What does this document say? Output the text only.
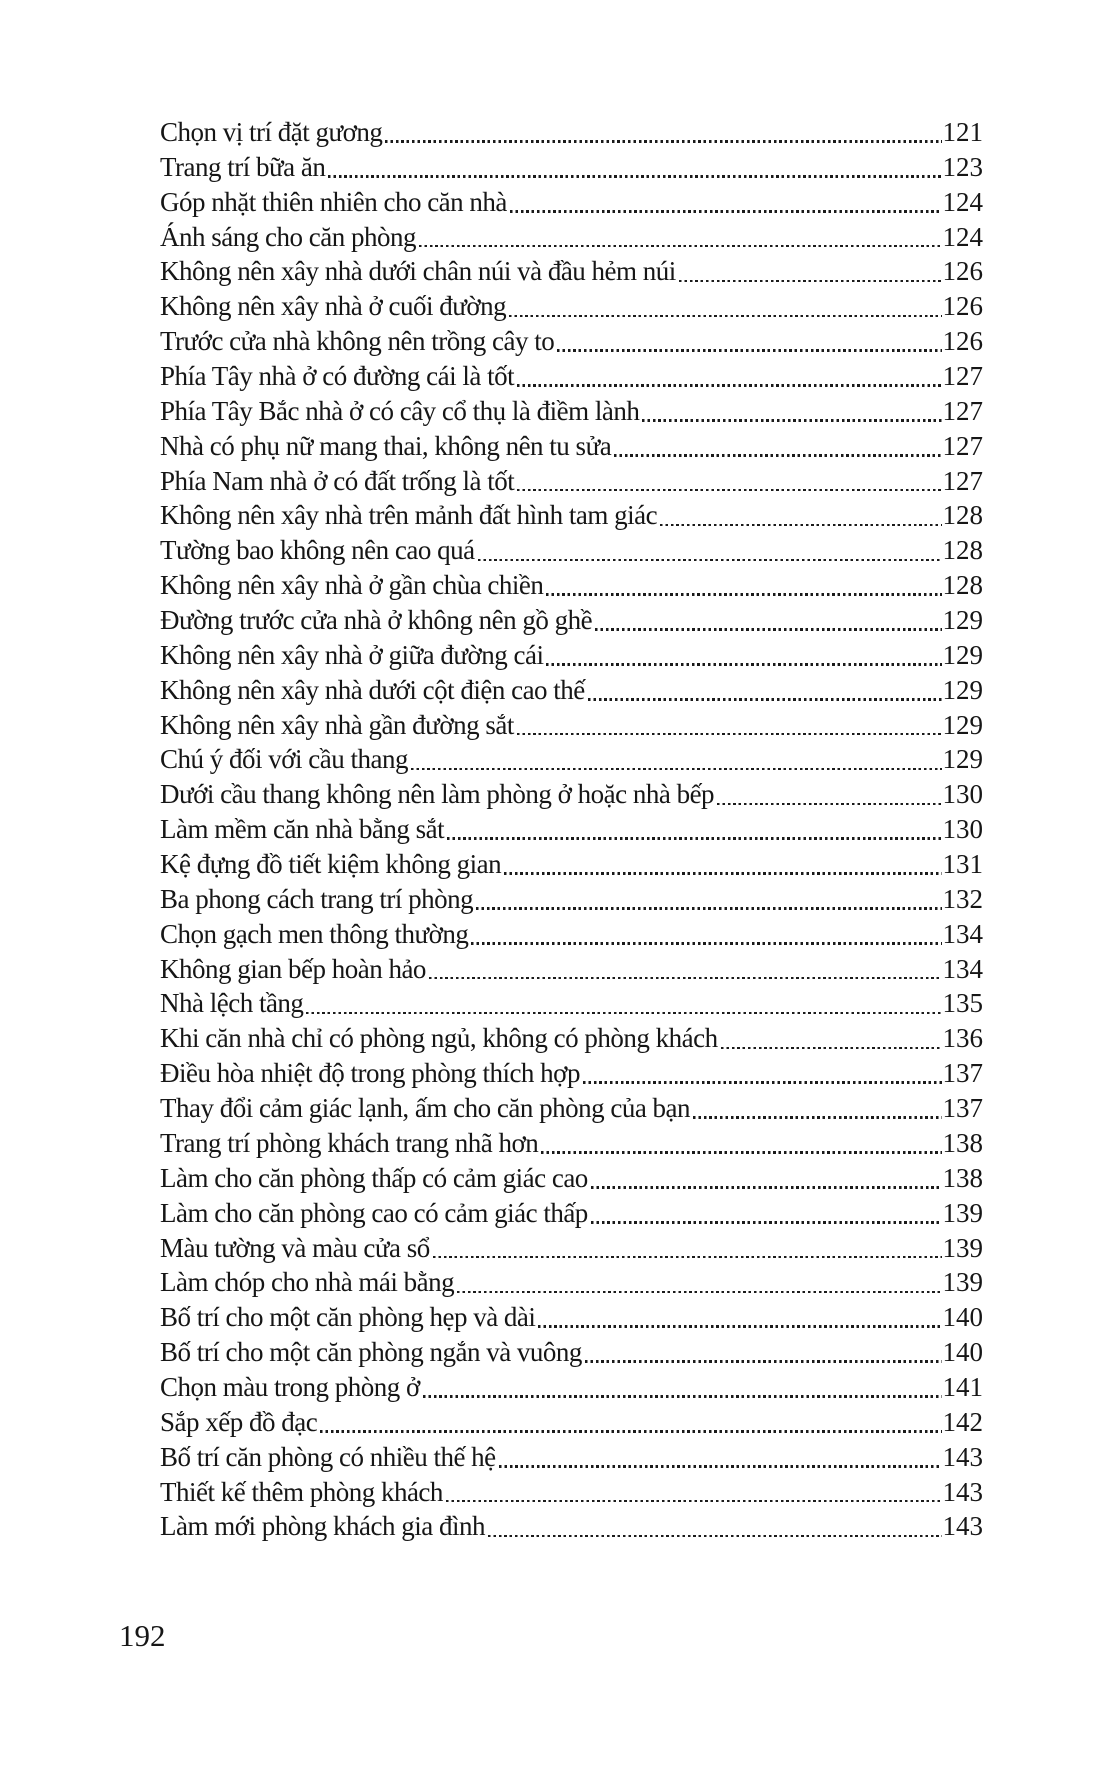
Chọn vị trí đặt gương	121
Trang trí bữa ăn	123
Góp nhặt thiên nhiên cho căn nhà	124
Ánh sáng cho căn phòng	124
Không nên xây nhà dưới chân núi và đầu hẻm núi	126
Không nên xây nhà ở cuối đường	126
Trước cửa nhà không nên trồng cây to	126
Phía Tây nhà ở có đường cái là tốt	127
Phía Tây Bắc nhà ở có cây cổ thụ là điềm lành	127
Nhà có phụ nữ mang thai, không nên tu sửa	127
Phía Nam nhà ở có đất trống là tốt	127
Không nên xây nhà trên mảnh đất hình tam giác	128
Tường bao không nên cao quá	128
Không nên xây nhà ở gần chùa chiền	128
Đường trước cửa nhà ở không nên gồ ghề	129
Không nên xây nhà ở giữa đường cái	129
Không nên xây nhà dưới cột điện cao thế	129
Không nên xây nhà gần đường sắt	129
Chú ý đối với cầu thang	129
Dưới cầu thang không nên làm phòng ở hoặc nhà bếp	130
Làm mềm căn nhà bằng sắt	130
Kệ đựng đồ tiết kiệm không gian	131
Ba phong cách trang trí phòng	132
Chọn gạch men thông thường	134
Không gian bếp hoàn hảo	134
Nhà lệch tầng	135
Khi căn nhà chỉ có phòng ngủ, không có phòng khách	136
Điều hòa nhiệt độ trong phòng thích hợp	137
Thay đổi cảm giác lạnh, ấm cho căn phòng của bạn	137
Trang trí phòng khách trang nhã hơn	138
Làm cho căn phòng thấp có cảm giác cao	138
Làm cho căn phòng cao có cảm giác thấp	139
Màu tường và màu cửa sổ	139
Làm chóp cho nhà mái bằng	139
Bố trí cho một căn phòng hẹp và dài	140
Bố trí cho một căn phòng ngắn và vuông	140
Chọn màu trong phòng ở	141
Sắp xếp đồ đạc	142
Bố trí căn phòng có nhiều thế hệ	143
Thiết kế thêm phòng khách	143
Làm mới phòng khách gia đình	143
192
